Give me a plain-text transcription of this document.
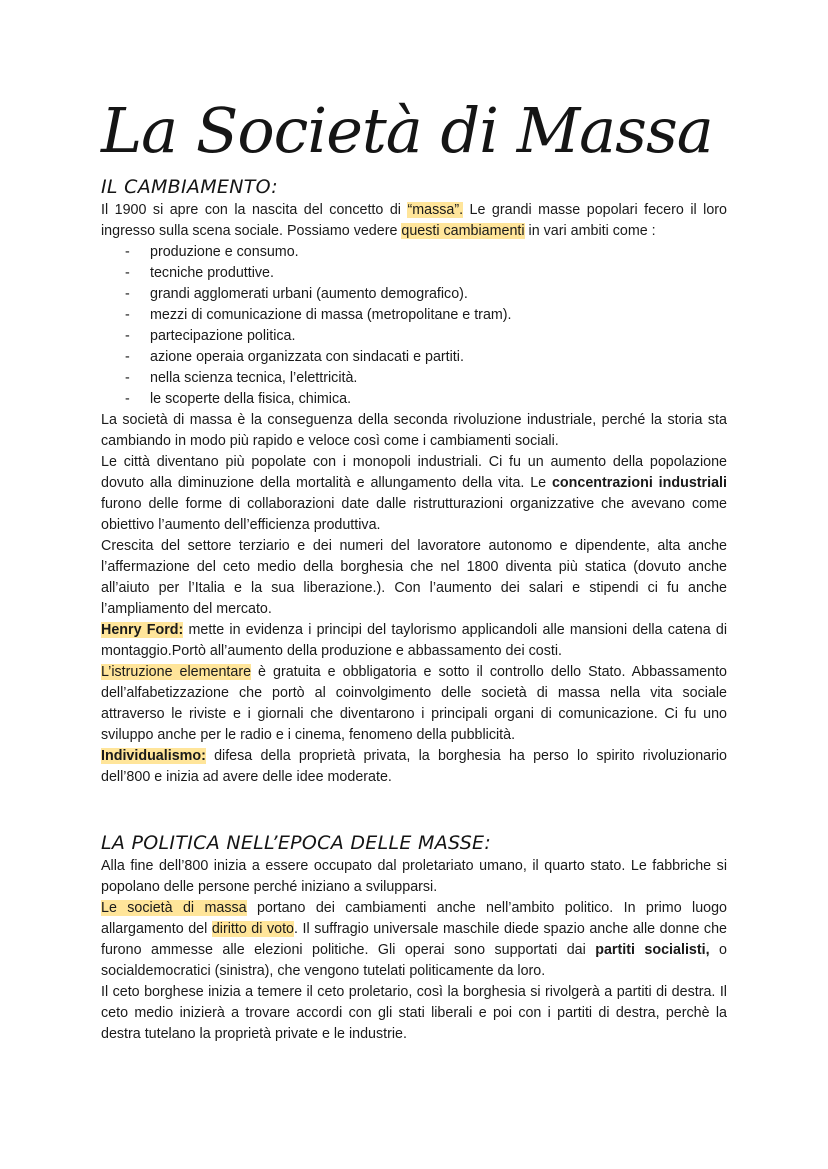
La Società di Massa
IL CAMBIAMENTO:

Il 1900 si apre con la nascita del concetto di “massa”. Le grandi masse popolari fecero il loro ingresso sulla scena sociale. Possiamo vedere questi cambiamenti in vari ambiti come :

- produzione e consumo.
- tecniche produttive.
- grandi agglomerati urbani (aumento demografico).
- mezzi di comunicazione di massa (metropolitane e tram).
- partecipazione politica.
- azione operaia organizzata con sindacati e partiti.
- nella scienza tecnica, l’elettricità.
- le scoperte della fisica, chimica.

La società di massa è la conseguenza della seconda rivoluzione industriale, perché la storia sta cambiando in modo più rapido e veloce così come i cambiamenti sociali.

Le città diventano più popolate con i monopoli industriali. Ci fu un aumento della popolazione dovuto alla diminuzione della mortalità e allungamento della vita. Le concentrazioni industriali furono delle forme di collaborazioni date dalle ristrutturazioni organizzative che avevano come obiettivo l’aumento dell’efficienza produttiva.

Crescita del settore terziario e dei numeri del lavoratore autonomo e dipendente, alta anche l’affermazione del ceto medio della borghesia che nel 1800 diventa più statica (dovuto anche all’aiuto per l’Italia e la sua liberazione.). Con l’aumento dei salari e stipendi ci fu anche l’ampliamento del mercato.

Henry Ford: mette in evidenza i principi del taylorismo applicandoli alle mansioni della catena di montaggio.Portò all’aumento della produzione e abbassamento dei costi.

L’istruzione elementare è gratuita e obbligatoria e sotto il controllo dello Stato. Abbassamento dell’alfabetizzazione che portò al coinvolgimento delle società di massa nella vita sociale attraverso le riviste e i giornali che diventarono i principali organi di comunicazione. Ci fu uno sviluppo anche per le radio e i cinema, fenomeno della pubblicità.

Individualismo: difesa della proprietà privata, la borghesia ha perso lo spirito rivoluzionario dell’800 e inizia ad avere delle idee moderate.

LA POLITICA NELL’EPOCA DELLE MASSE:

Alla fine dell’800 inizia a essere occupato dal proletariato umano, il quarto stato. Le fabbriche si popolano delle persone perché iniziano a svilupparsi.

Le società di massa portano dei cambiamenti anche nell’ambito politico. In primo luogo allargamento del diritto di voto. Il suffragio universale maschile diede spazio anche alle donne che furono ammesse alle elezioni politiche. Gli operai sono supportati dai partiti socialisti, o socialdemocratici (sinistra), che vengono tutelati politicamente da loro.

Il ceto borghese inizia a temere il ceto proletario, così la borghesia si rivolgerà a partiti di destra. Il ceto medio inizierà a trovare accordi con gli stati liberali e poi con i partiti di destra, perchè la destra tutelano la proprietà private e le industrie.
